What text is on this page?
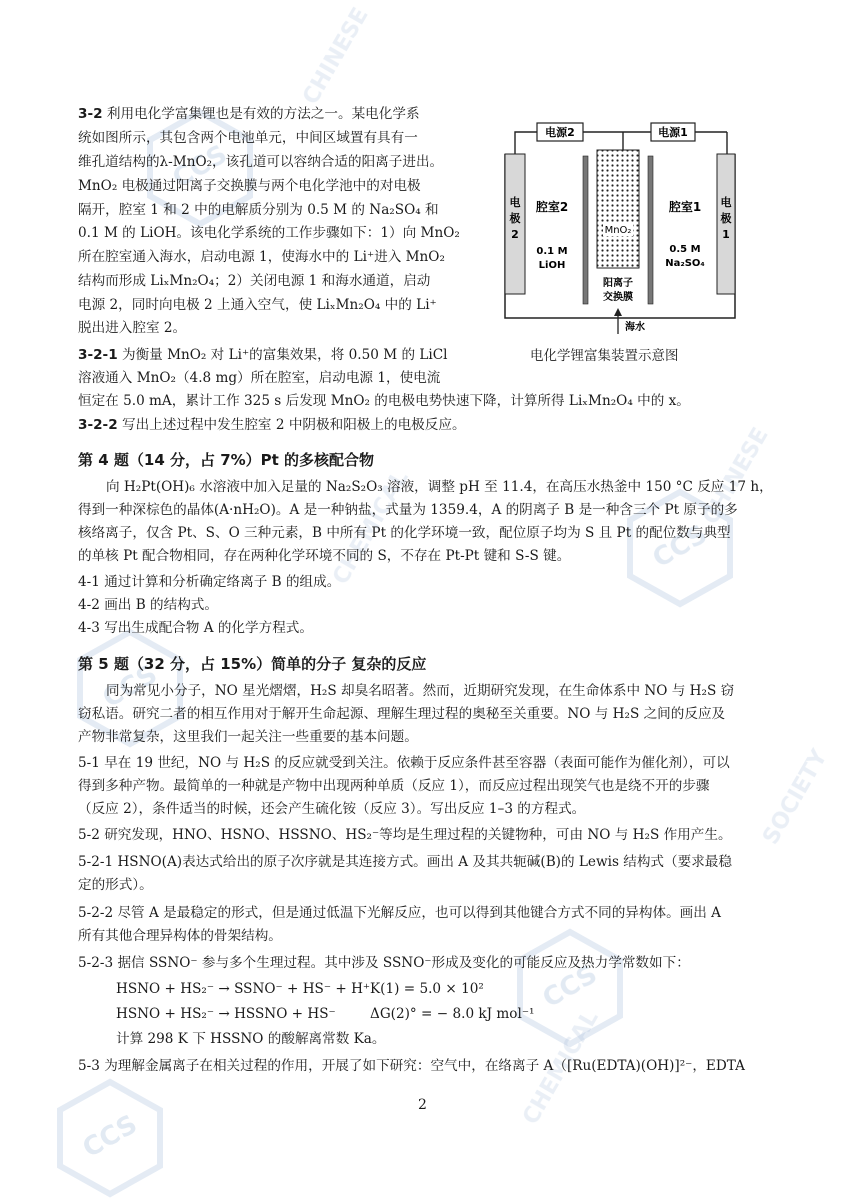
CCS
CCS
CCS
CCS
CCS
CHINESE
CHINESE
CHEMICAL
CHEMICAL
SOCIETY
电源2	电源1
电
极
2
电
极
1
MnO₂
腔室2	腔室1
0.1 M
LiOH
0.5 M
Na₂SO₄
阳离子
交换膜
海水
电化学锂富集装置示意图
3-2 利用电化学富集锂也是有效的方法之一。某电化学系
统如图所示，其包含两个电池单元，中间区域置有具有一
维孔道结构的λ-MnO₂，该孔道可以容纳合适的阳离子进出。
MnO₂ 电极通过阳离子交换膜与两个电化学池中的对电极
隔开，腔室 1 和 2 中的电解质分别为 0.5 M 的 Na₂SO₄ 和
0.1 M 的 LiOH。该电化学系统的工作步骤如下：1）向 MnO₂
所在腔室通入海水，启动电源 1，使海水中的 Li⁺进入 MnO₂
结构而形成 LiₓMn₂O₄；2）关闭电源 1 和海水通道，启动
电源 2，同时向电极 2 上通入空气，使 LiₓMn₂O₄ 中的 Li⁺
脱出进入腔室 2。
3-2-1 为衡量 MnO₂ 对 Li⁺的富集效果，将 0.50 M 的 LiCl
溶液通入 MnO₂（4.8 mg）所在腔室，启动电源 1，使电流
恒定在 5.0 mA，累计工作 325 s 后发现 MnO₂ 的电极电势快速下降，计算所得 LiₓMn₂O₄ 中的 x。
3-2-2 写出上述过程中发生腔室 2 中阴极和阳极上的电极反应。
第 4 题（14 分，占 7%）Pt 的多核配合物
向 H₂Pt(OH)₆ 水溶液中加入足量的 Na₂S₂O₃ 溶液，调整 pH 至 11.4，在高压水热釜中 150 °C 反应 17 h，
得到一种深棕色的晶体(A·nH₂O)。A 是一种钠盐，式量为 1359.4，A 的阴离子 B 是一种含三个 Pt 原子的多
核络离子，仅含 Pt、S、O 三种元素，B 中所有 Pt 的化学环境一致，配位原子均为 S 且 Pt 的配位数与典型
的单核 Pt 配合物相同，存在两种化学环境不同的 S，不存在 Pt-Pt 键和 S-S 键。
4-1 通过计算和分析确定络离子 B 的组成。
4-2 画出 B 的结构式。
4-3 写出生成配合物 A 的化学方程式。
第 5 题（32 分，占 15%）简单的分子 复杂的反应
同为常见小分子，NO 星光熠熠，H₂S 却臭名昭著。然而，近期研究发现，在生命体系中 NO 与 H₂S 窃
窃私语。研究二者的相互作用对于解开生命起源、理解生理过程的奥秘至关重要。NO 与 H₂S 之间的反应及
产物非常复杂，这里我们一起关注一些重要的基本问题。
5-1 早在 19 世纪，NO 与 H₂S 的反应就受到关注。依赖于反应条件甚至容器（表面可能作为催化剂），可以
得到多种产物。最简单的一种就是产物中出现两种单质（反应 1），而反应过程出现笑气也是绕不开的步骤
（反应 2），条件适当的时候，还会产生硫化铵（反应 3）。写出反应 1–3 的方程式。
5-2 研究发现，HNO、HSNO、HSSNO、HS₂⁻等均是生理过程的关键物种，可由 NO 与 H₂S 作用产生。
5-2-1 HSNO(A)表达式给出的原子次序就是其连接方式。画出 A 及其共轭碱(B)的 Lewis 结构式（要求最稳
定的形式）。
5-2-2 尽管 A 是最稳定的形式，但是通过低温下光解反应，也可以得到其他键合方式不同的异构体。画出 A
所有其他合理异构体的骨架结构。
5-2-3 据信 SSNO⁻ 参与多个生理过程。其中涉及 SSNO⁻形成及变化的可能反应及热力学常数如下：
HSNO + HS₂⁻ → SSNO⁻ + HS⁻ + H⁺ K(1) = 5.0 × 10²
HSNO + HS₂⁻ → HSSNO + HS⁻	ΔG(2)° = − 8.0 kJ mol⁻¹
计算 298 K 下 HSSNO 的酸解离常数 Ka。
5-3 为理解金属离子在相关过程的作用，开展了如下研究：空气中，在络离子 A（[Ru(EDTA)(OH)]²⁻，EDTA
2
